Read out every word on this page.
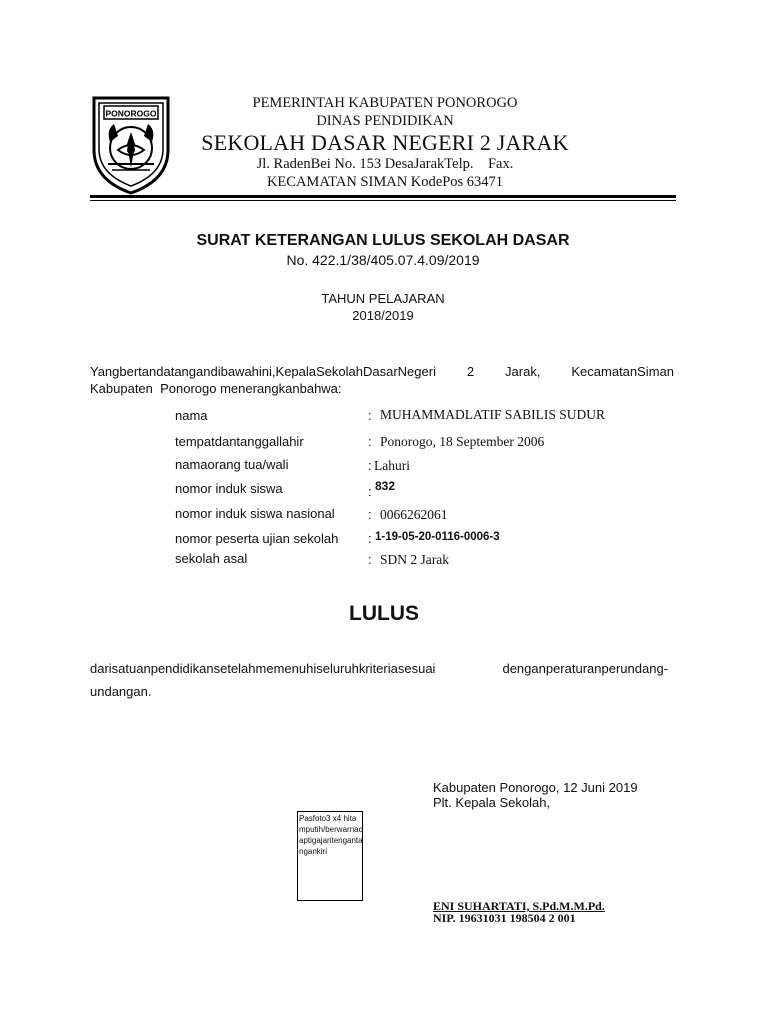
PONOROGO
PEMERINTAH KABUPATEN PONOROGO
DINAS PENDIDIKAN
SEKOLAH DASAR NEGERI 2 JARAK
Jl. RadenBei No. 153 DesaJarakTelp.    Fax.
KECAMATAN SIMAN KodePos 63471
SURAT KETERANGAN LULUS SEKOLAH DASAR
No. 422.1/38/405.07.4.09/2019
TAHUN PELAJARAN
2018/2019
Yangbertandatangandibawahini,KepalaSekolahDasarNegeri 2 Jarak, KecamatanSiman
Kabupaten  Ponorogo menerangkanbahwa:
nama	: MUHAMMADLATIF SABILIS SUDUR
tempatdantanggallahir	: Ponorogo, 18 September 2006
namaorang tua/wali	: Lahuri
nomor induk siswa	: 832
nomor induk siswa nasional	: 0066262061
nomor peserta ujian sekolah : 1-19-05-20-0116-0006-3
sekolah asal	: SDN 2 Jarak
LULUS
darisatuanpendidikansetelahmemenuhiseluruhkriteriasesuai	denganperaturanperundang-
undangan.
Kabupaten Ponorogo, 12 Juni 2019
Plt. Kepala Sekolah,
Pasfoto3 x4 hitamputih/berwarnacaptigajaritengantangankiri
ENI SUHARTATI, S.Pd.M.M.Pd.
NIP. 19631031 198504 2 001
